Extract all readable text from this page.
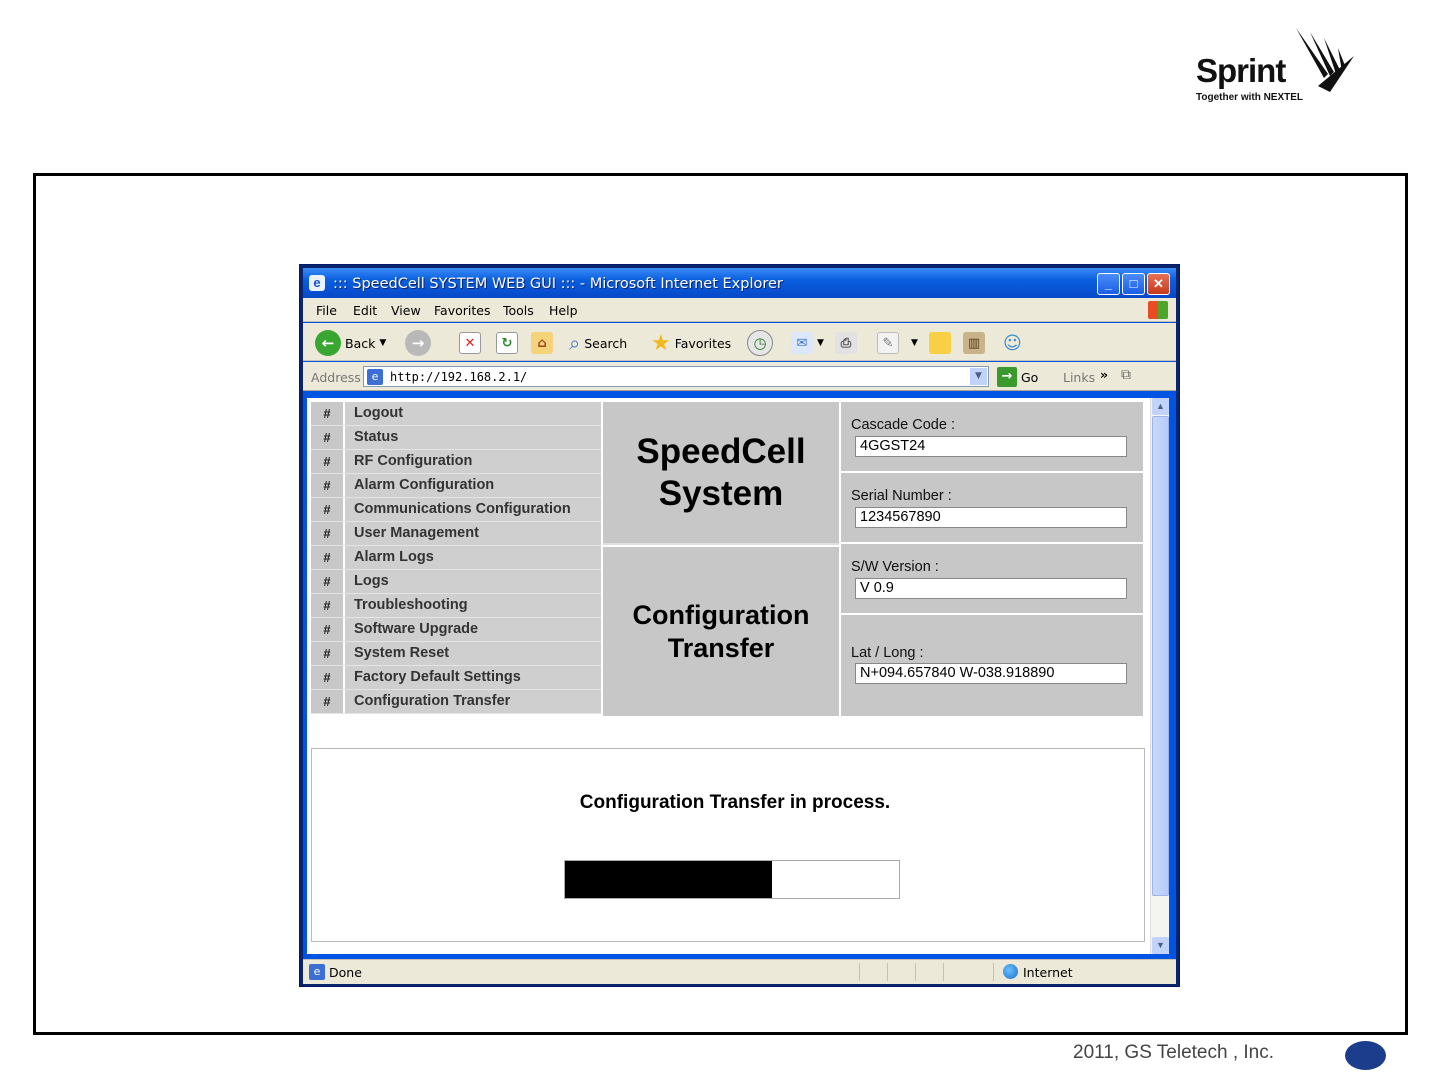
Sprint
Together with NEXTEL
e ::: SpeedCell SYSTEM WEB GUI ::: - Microsoft Internet Explorer	_	□	✕
File Edit View Favorites Tools Help
← Back ▼	→	✕	↻	⌂	⌕ Search ★ Favorites	◷	✉	▼	⎙	✎	▼	▥ ☺
Address e http://192.168.2.1/	▼	→ Go Links » ⧉
#	Logout
#	Status
#	RF Configuration
#	Alarm Configuration
#	Communications Configuration
#	User Management
#	Alarm Logs
#	Logs
#	Troubleshooting
#	Software Upgrade
#	System Reset
#	Factory Default Settings
#	Configuration Transfer
SpeedCell
System
Configuration
Transfer
Cascade Code :
4GGST24
Serial Number :
1234567890
S/W Version :
V 0.9
Lat / Long :
N+094.657840 W-038.918890
Configuration Transfer in process.
▲
▼
e Done	Internet
2011, GS Teletech , Inc.
